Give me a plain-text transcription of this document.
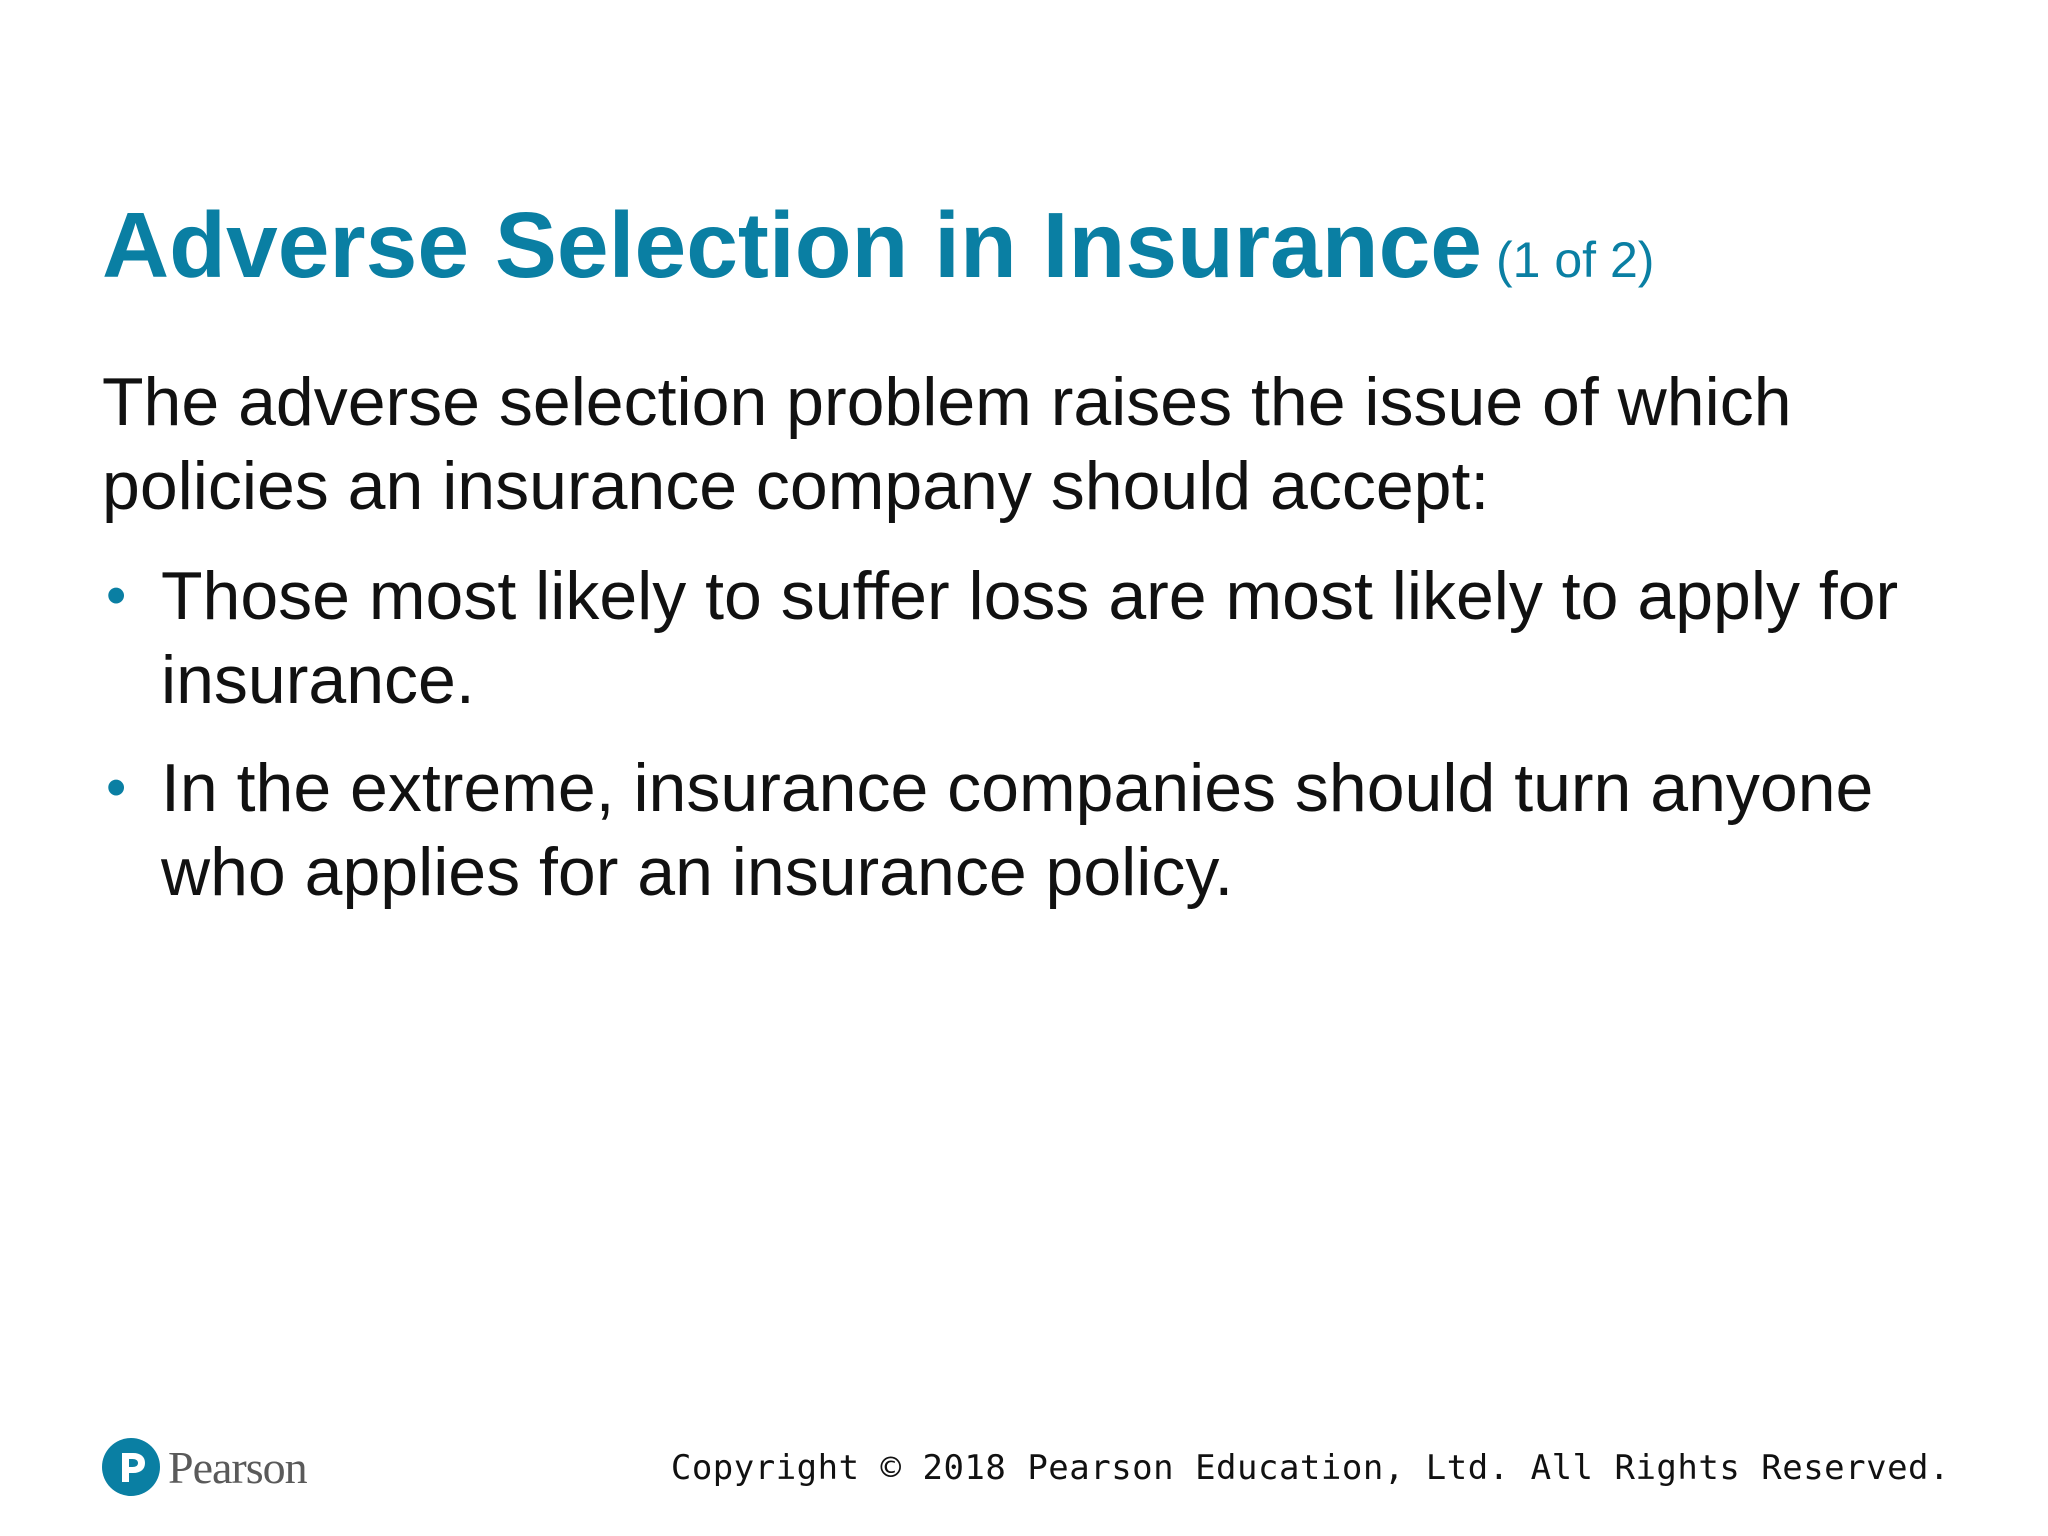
Adverse Selection in Insurance (1 of 2)

The adverse selection problem raises the issue of which policies an insurance company should accept:

• Those most likely to suffer loss are most likely to apply for insurance.
• In the extreme, insurance companies should turn anyone who applies for an insurance policy.
Pearson	Copyright © 2018 Pearson Education, Ltd. All Rights Reserved.
